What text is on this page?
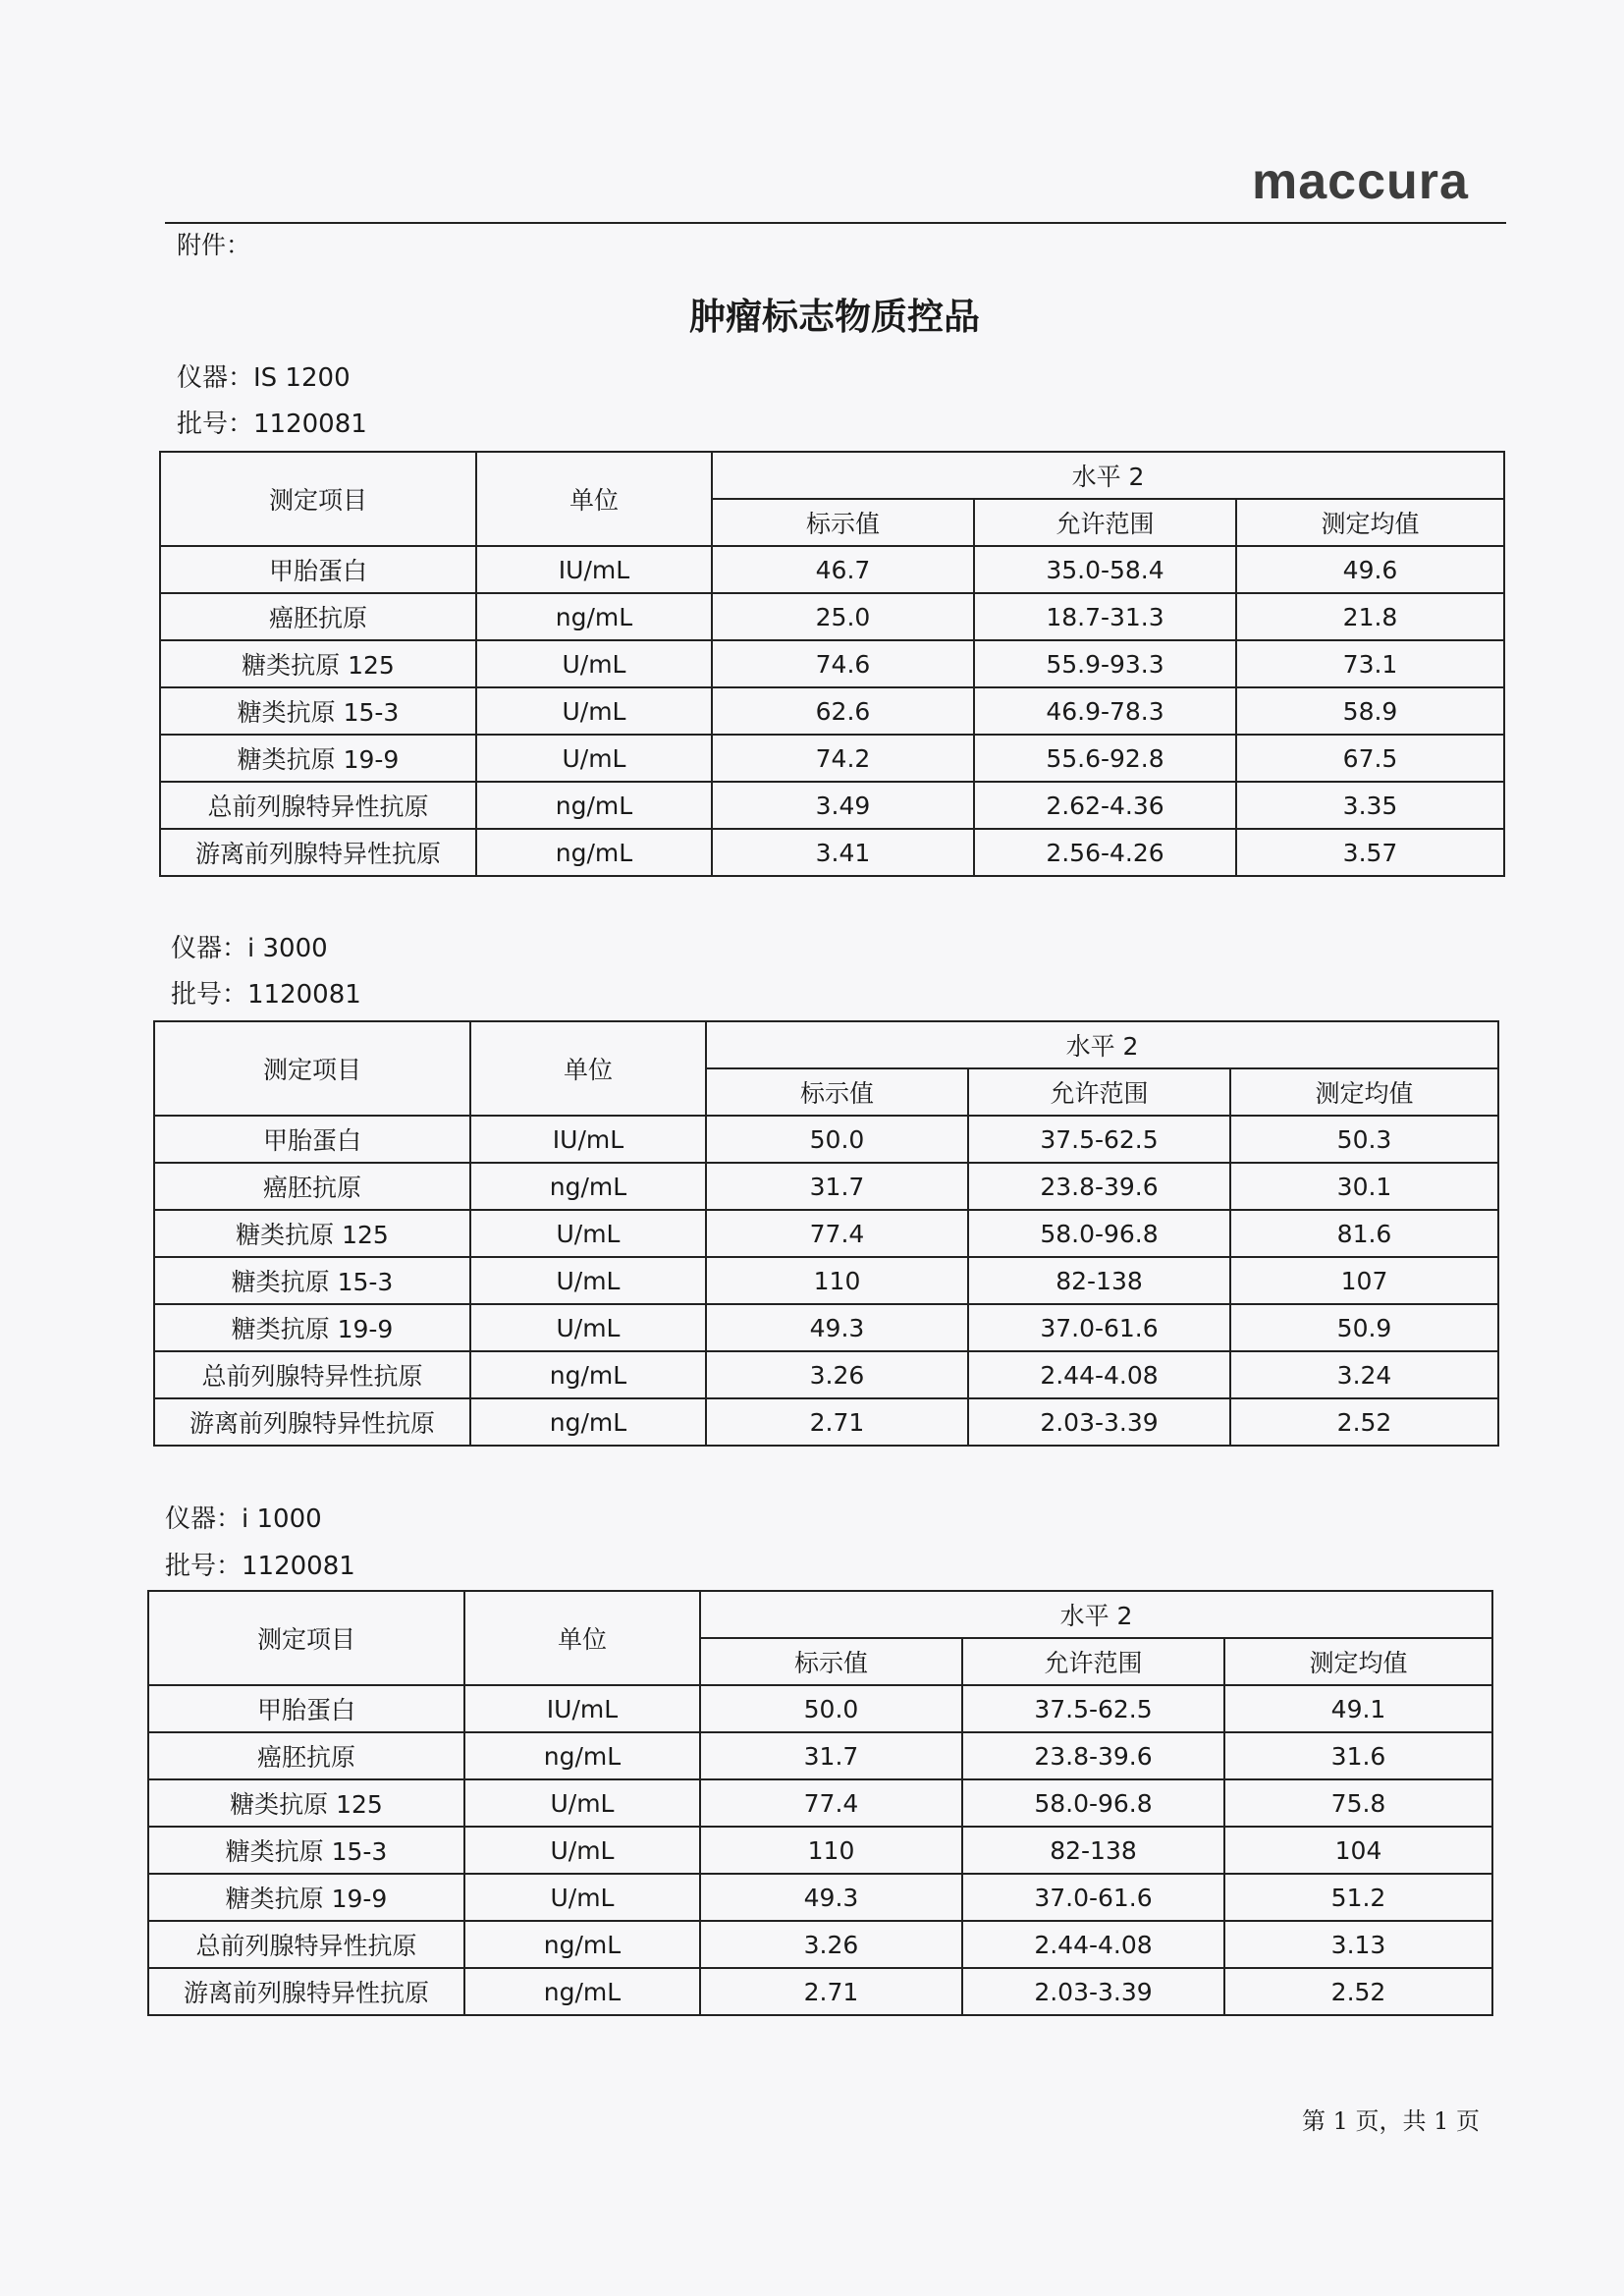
maccura
附件：
肿瘤标志物质控品
仪器：IS 1200
批号：1120081
测定项目	单位	水平 2		
		标示值	允许范围	测定均值
甲胎蛋白	IU/mL	46.7	35.0-58.4	49.6
癌胚抗原	ng/mL	25.0	18.7-31.3	21.8
糖类抗原 125	U/mL	74.6	55.9-93.3	73.1
糖类抗原 15-3	U/mL	62.6	46.9-78.3	58.9
糖类抗原 19-9	U/mL	74.2	55.6-92.8	67.5
总前列腺特异性抗原	ng/mL	3.49	2.62-4.36	3.35
游离前列腺特异性抗原	ng/mL	3.41	2.56-4.26	3.57
仪器：i 3000
批号：1120081
测定项目	单位	水平 2		
		标示值	允许范围	测定均值
甲胎蛋白	IU/mL	50.0	37.5-62.5	50.3
癌胚抗原	ng/mL	31.7	23.8-39.6	30.1
糖类抗原 125	U/mL	77.4	58.0-96.8	81.6
糖类抗原 15-3	U/mL	110	82-138	107
糖类抗原 19-9	U/mL	49.3	37.0-61.6	50.9
总前列腺特异性抗原	ng/mL	3.26	2.44-4.08	3.24
游离前列腺特异性抗原	ng/mL	2.71	2.03-3.39	2.52
仪器：i 1000
批号：1120081
测定项目	单位	水平 2		
		标示值	允许范围	测定均值
甲胎蛋白	IU/mL	50.0	37.5-62.5	49.1
癌胚抗原	ng/mL	31.7	23.8-39.6	31.6
糖类抗原 125	U/mL	77.4	58.0-96.8	75.8
糖类抗原 15-3	U/mL	110	82-138	104
糖类抗原 19-9	U/mL	49.3	37.0-61.6	51.2
总前列腺特异性抗原	ng/mL	3.26	2.44-4.08	3.13
游离前列腺特异性抗原	ng/mL	2.71	2.03-3.39	2.52
第 1 页，共 1 页
